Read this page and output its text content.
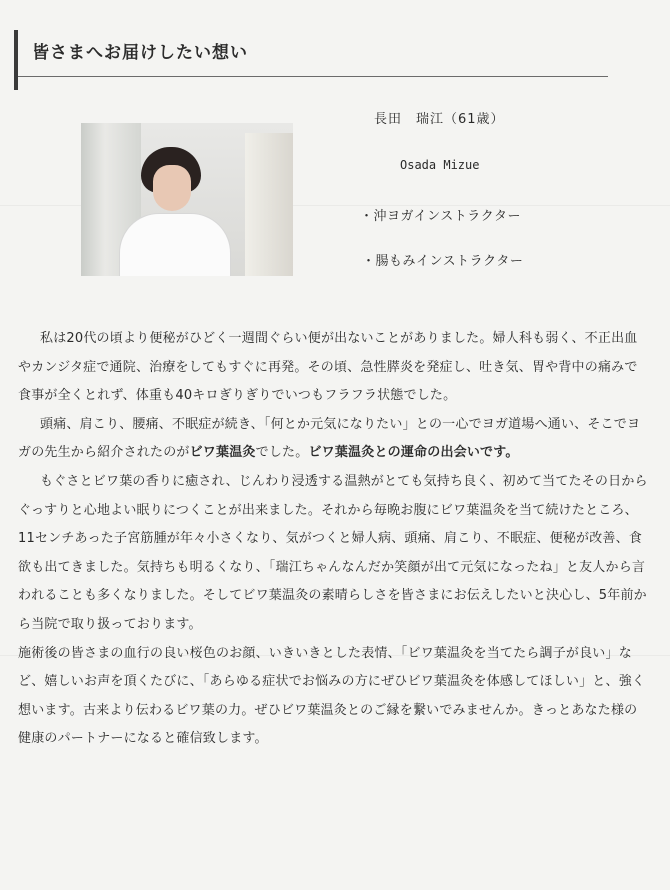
皆さまへお届けしたい想い
長田　瑞江（61歳）
Osada Mizue
・沖ヨガインストラクター
・腸もみインストラクター

私は20代の頃より便秘がひどく一週間ぐらい便が出ないことがありました。婦人科も弱く、不正出血やカンジタ症で通院、治療をしてもすぐに再発。その頃、急性膵炎を発症し、吐き気、胃や背中の痛みで食事が全くとれず、体重も40キロぎりぎりでいつもフラフラ状態でした。

頭痛、肩こり、腰痛、不眠症が続き、「何とか元気になりたい」との一心でヨガ道場へ通い、そこでヨガの先生から紹介されたのがビワ葉温灸でした。ビワ葉温灸との運命の出会いです。

もぐさとビワ葉の香りに癒され、じんわり浸透する温熱がとても気持ち良く、初めて当てたその日からぐっすりと心地よい眠りにつくことが出来ました。それから毎晩お腹にビワ葉温灸を当て続けたところ、11センチあった子宮筋腫が年々小さくなり、気がつくと婦人病、頭痛、肩こり、不眠症、便秘が改善、食欲も出てきました。気持ちも明るくなり、「瑞江ちゃんなんだか笑顔が出て元気になったね」と友人から言われることも多くなりました。そしてビワ葉温灸の素晴らしさを皆さまにお伝えしたいと決心し、5年前から当院で取り扱っております。

施術後の皆さまの血行の良い桜色のお顔、いきいきとした表情、「ビワ葉温灸を当てたら調子が良い」など、嬉しいお声を頂くたびに、「あらゆる症状でお悩みの方にぜひビワ葉温灸を体感してほしい」と、強く想います。古来より伝わるビワ葉の力。ぜひビワ葉温灸とのご縁を繋いでみませんか。きっとあなた様の健康のパートナーになると確信致します。
